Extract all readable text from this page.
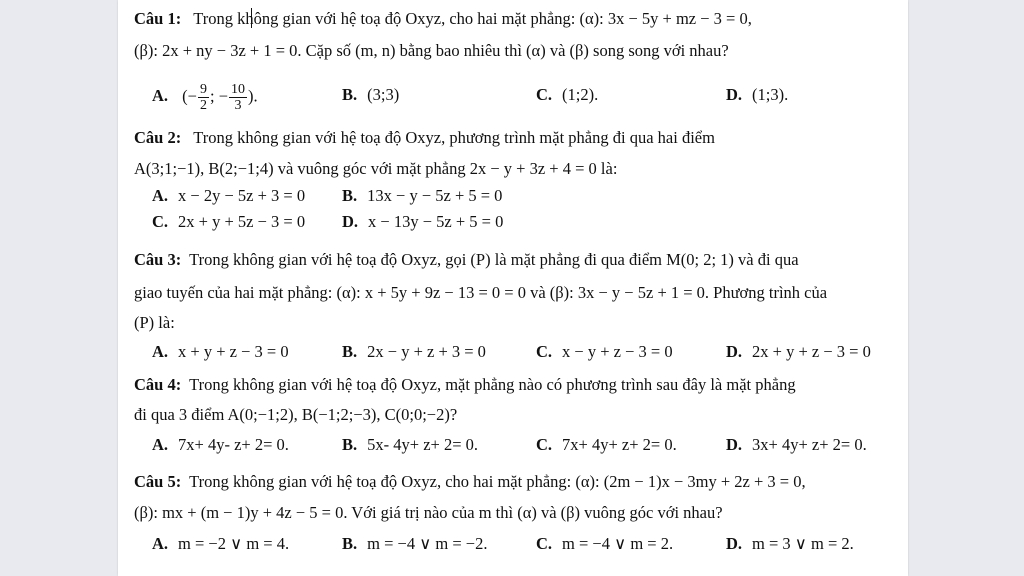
Câu 1: Trong không gian với hệ toạ độ Oxyz, cho hai mặt phẳng: (α): 3x − 5y + mz − 3 = 0,
(β): 2x + ny − 3z + 1 = 0. Cặp số (m, n) bằng bao nhiêu thì (α) và (β) song song với nhau?
A. (− $\frac{9}{2}$ ; − $\frac{10}{3}$ ).	B. (3;3)	C. (1;2).	D. (1;3).
Câu 2: Trong không gian với hệ toạ độ Oxyz, phương trình mặt phẳng đi qua hai điểm
A(3;1;−1), B(2;−1;4) và vuông góc với mặt phẳng 2x − y + 3z + 4 = 0 là:
A. x − 2y − 5z + 3 = 0 B. 13x − y − 5z + 5 = 0
C. 2x + y + 5z − 3 = 0 D. x − 13y − 5z + 5 = 0
Câu 3: Trong không gian với hệ toạ độ Oxyz, gọi (P) là mặt phẳng đi qua điểm M(0; 2; 1) và đi qua
giao tuyến của hai mặt phẳng: (α): x + 5y + 9z − 13 = 0 = 0 và (β): 3x − y − 5z + 1 = 0. Phương trình của
(P) là:
A. x + y + z − 3 = 0	B. 2x − y + z + 3 = 0	C. x − y + z − 3 = 0	D. 2x + y + z − 3 = 0
Câu 4: Trong không gian với hệ toạ độ Oxyz, mặt phẳng nào có phương trình sau đây là mặt phẳng
đi qua 3 điểm A(0;−1;2), B(−1;2;−3), C(0;0;−2)?
A. 7x+ 4y- z+ 2= 0.	B. 5x- 4y+ z+ 2= 0.	C. 7x+ 4y+ z+ 2= 0.	D. 3x+ 4y+ z+ 2= 0.
Câu 5: Trong không gian với hệ toạ độ Oxyz, cho hai mặt phẳng: (α): (2m − 1)x − 3my + 2z + 3 = 0,
(β): mx + (m − 1)y + 4z − 5 = 0. Với giá trị nào của m thì (α) và (β) vuông góc với nhau?
A. m = −2 ∨ m = 4.	B. m = −4 ∨ m = −2.	C. m = −4 ∨ m = 2.	D. m = 3 ∨ m = 2.
